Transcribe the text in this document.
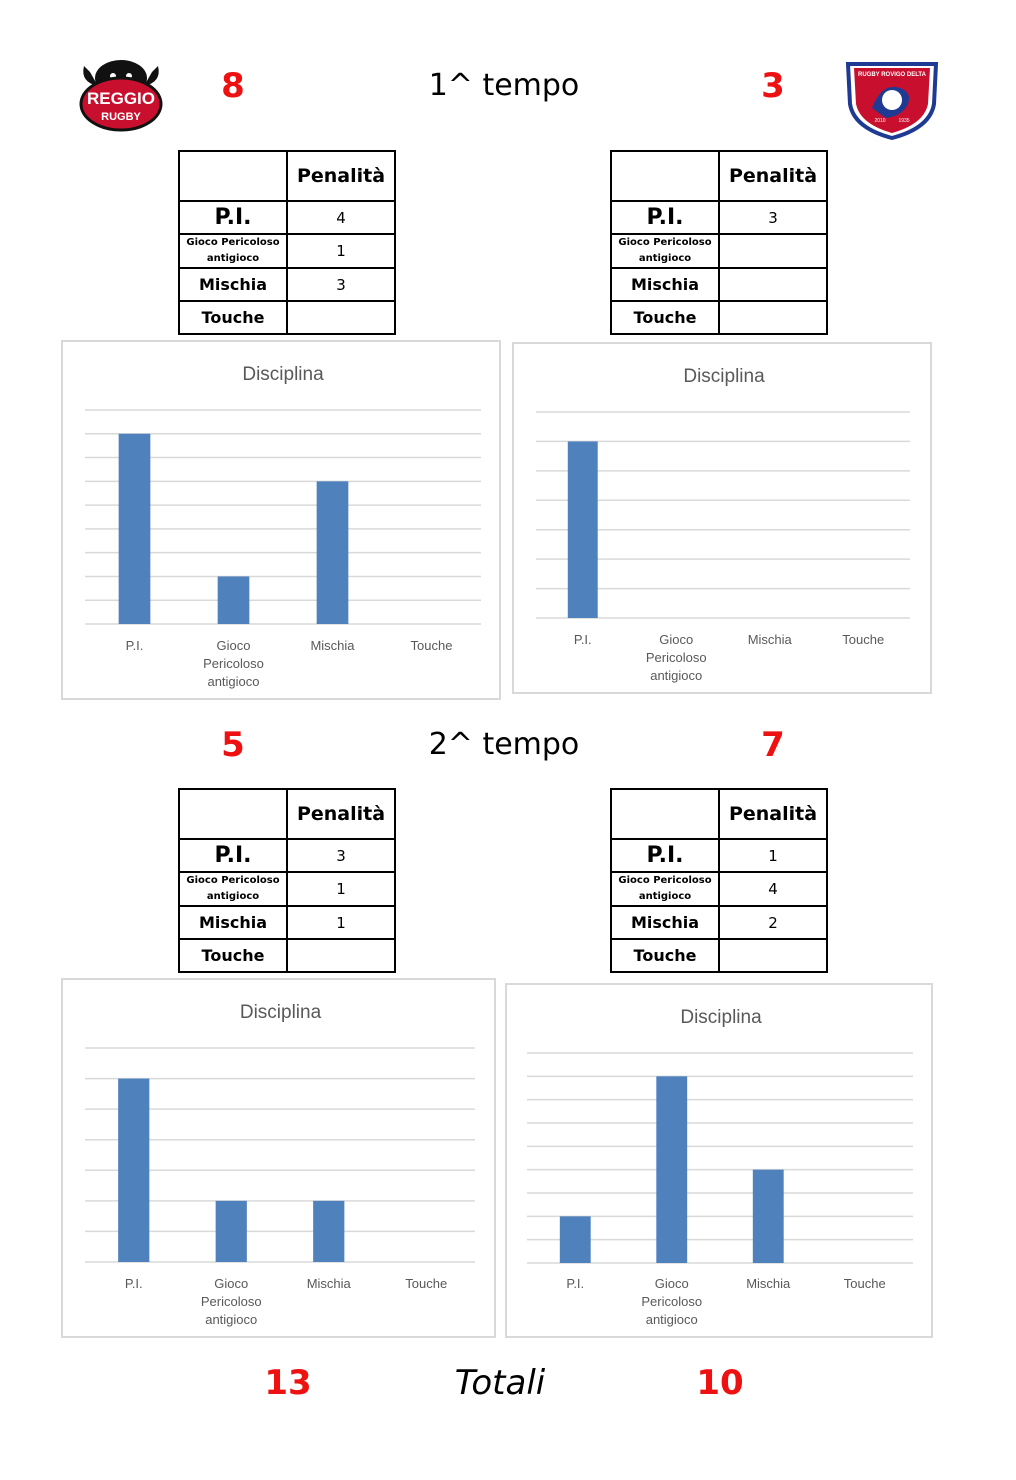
REGGIO
RUGBY
RUGBY ROVIGO DELTA
2010	1935
8	1^ tempo	3
	Penalità
P.I.	4
Gioco Pericoloso antigioco	1
Mischia	3
Touche	
	Penalità
P.I.	3
Gioco Pericoloso antigioco	
Mischia	
Touche	
Disciplina
P.I.	Gioco
Pericoloso
antigioco
Mischia	Touche
Disciplina
P.I.	Gioco
Pericoloso
antigioco
Mischia	Touche
5	2^ tempo	7
	Penalità
P.I.	3
Gioco Pericoloso antigioco	1
Mischia	1
Touche	
	Penalità
P.I.	1
Gioco Pericoloso antigioco	4
Mischia	2
Touche	
Disciplina
P.I.	Gioco
Pericoloso
antigioco
Mischia	Touche
Disciplina
P.I.	Gioco
Pericoloso
antigioco
Mischia	Touche
13	Totali	10
